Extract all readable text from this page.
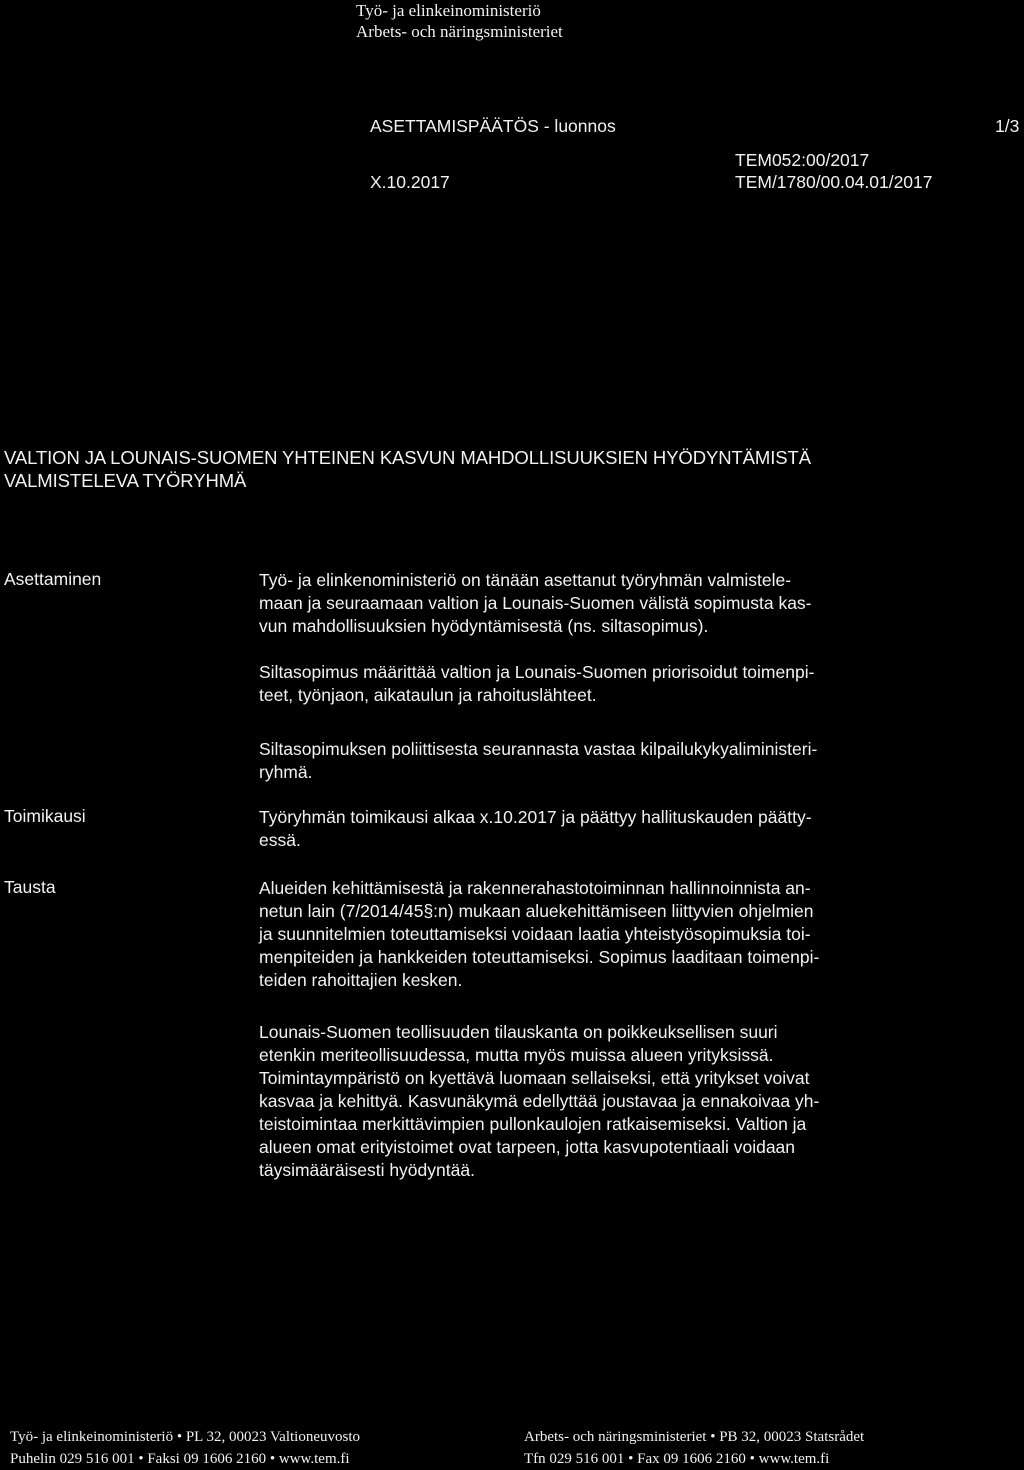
Työ- ja elinkeinoministeriö
Arbets- och näringsministeriet
ASETTAMISPÄÄTÖS - luonnos	1/3
X.10.2017
TEM052:00/2017
TEM/1780/00.04.01/2017
VALTION JA LOUNAIS-SUOMEN YHTEINEN KASVUN MAHDOLLISUUKSIEN HYÖDYNTÄMISTÄ
VALMISTELEVA TYÖRYHMÄ
Asettaminen	Työ- ja elinkenoministeriö on tänään asettanut työryhmän valmistele-
maan ja seuraamaan valtion ja Lounais-Suomen välistä sopimusta kas-
vun mahdollisuuksien hyödyntämisestä (ns. siltasopimus).
Siltasopimus määrittää valtion ja Lounais-Suomen priorisoidut toimenpi-
teet, työnjaon, aikataulun ja rahoituslähteet.
Siltasopimuksen poliittisesta seurannasta vastaa kilpailukykyaliministeri-
ryhmä.
Toimikausi	Työryhmän toimikausi alkaa x.10.2017 ja päättyy hallituskauden päätty-
essä.
Tausta	Alueiden kehittämisestä ja rakennerahastotoiminnan hallinnoinnista an-
netun lain (7/2014/45§:n) mukaan aluekehittämiseen liittyvien ohjelmien
ja suunnitelmien toteuttamiseksi voidaan laatia yhteistyösopimuksia toi-
menpiteiden ja hankkeiden toteuttamiseksi. Sopimus laaditaan toimenpi-
teiden rahoittajien kesken.
Lounais-Suomen teollisuuden tilauskanta on poikkeuksellisen suuri
etenkin meriteollisuudessa, mutta myös muissa alueen yrityksissä.
Toimintaympäristö on kyettävä luomaan sellaiseksi, että yritykset voivat
kasvaa ja kehittyä. Kasvunäkymä edellyttää joustavaa ja ennakoivaa yh-
teistoimintaa merkittävimpien pullonkaulojen ratkaisemiseksi. Valtion ja
alueen omat erityistoimet ovat tarpeen, jotta kasvupotentiaali voidaan
täysimääräisesti hyödyntää.
Työ- ja elinkeinoministeriö • PL 32, 00023 Valtioneuvosto
Puhelin 029 516 001 • Faksi 09 1606 2160 • www.tem.fi
Arbets- och näringsministeriet • PB 32, 00023 Statsrådet
Tfn 029 516 001 • Fax 09 1606 2160 • www.tem.fi
